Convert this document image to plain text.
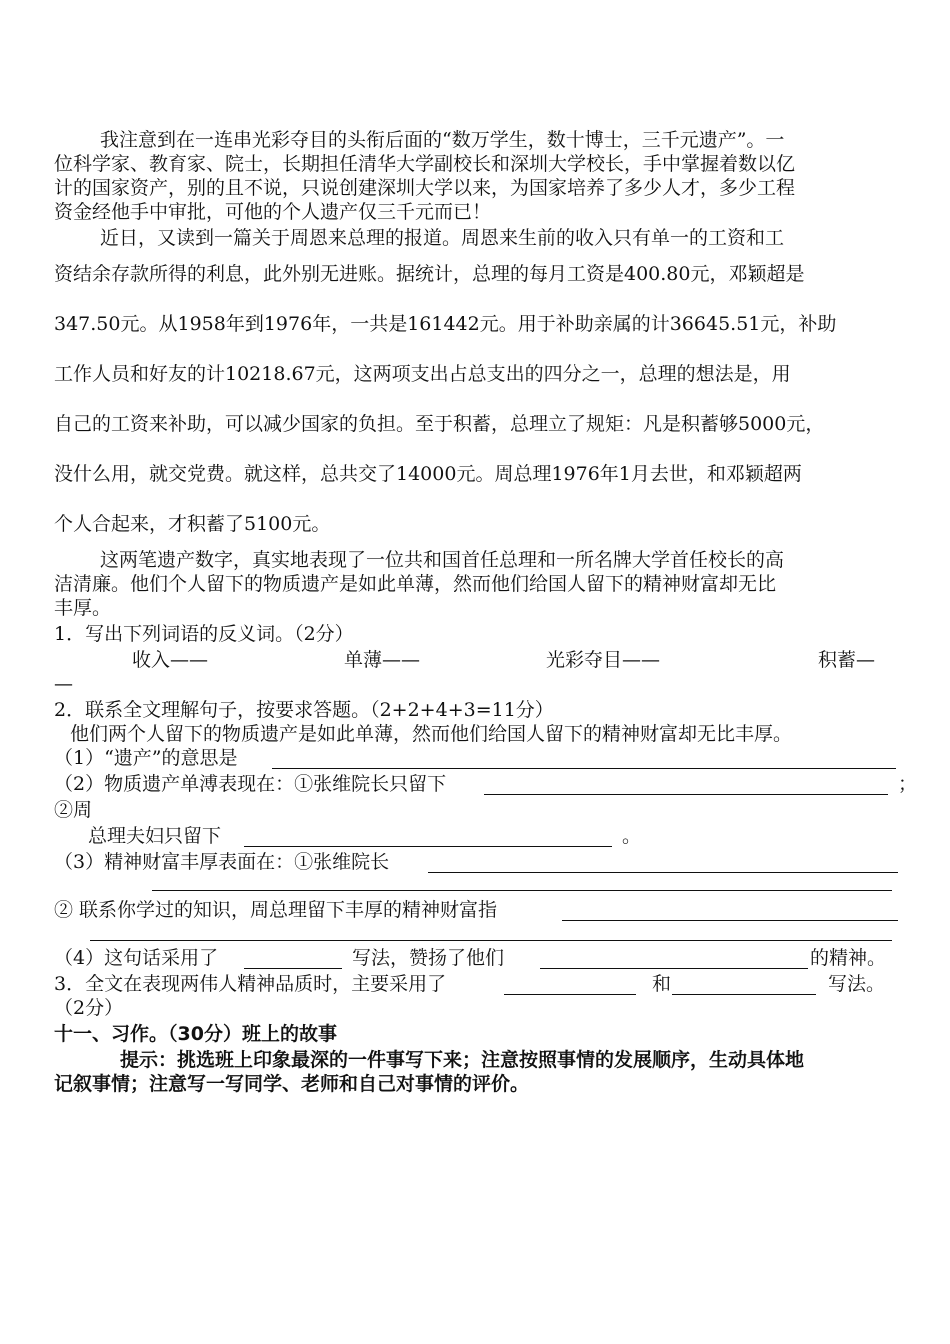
我注意到在一连串光彩夺目的头衔后面的“数万学生，数十博士，三千元遗产”。一
位科学家、教育家、院士，长期担任清华大学副校长和深圳大学校长，手中掌握着数以亿
计的国家资产，别的且不说，只说创建深圳大学以来，为国家培养了多少人才，多少工程
资金经他手中审批，可他的个人遗产仅三千元而已！
近日，又读到一篇关于周恩来总理的报道。周恩来生前的收入只有单一的工资和工
资结余存款所得的利息，此外别无进账。据统计，总理的每月工资是400.80元，邓颖超是
347.50元。从1958年到1976年，一共是161442元。用于补助亲属的计36645.51元，补助
工作人员和好友的计10218.67元，这两项支出占总支出的四分之一，总理的想法是，用
自己的工资来补助，可以减少国家的负担。至于积蓄，总理立了规矩：凡是积蓄够5000元，
没什么用，就交党费。就这样，总共交了14000元。周总理1976年1月去世，和邓颖超两
个人合起来，才积蓄了5100元。
这两笔遗产数字，真实地表现了一位共和国首任总理和一所名牌大学首任校长的高
洁清廉。他们个人留下的物质遗产是如此单薄，然而他们给国人留下的精神财富却无比
丰厚。
1．写出下列词语的反义词。（2分）
收入——	单薄——	光彩夺目——	积蓄—
—
2．联系全文理解句子，按要求答题。（2+2+4+3=11分）
他们两个人留下的物质遗产是如此单薄，然而他们给国人留下的精神财富却无比丰厚。
（1）“遗产”的意思是
（2）物质遗产单溥表现在：①张维院长只留下	；
②周
总理夫妇只留下	。
（3）精神财富丰厚表面在：①张维院长
② 联系你学过的知识，周总理留下丰厚的精神财富指
（4）这句话采用了	写法，赞扬了他们	的精神。
3．全文在表现两伟人精神品质时，主要采用了	和	写法。
（2分）
十一、习作。（30分）班上的故事
提示：挑选班上印象最深的一件事写下来；注意按照事情的发展顺序，生动具体地
记叙事情；注意写一写同学、老师和自己对事情的评价。
